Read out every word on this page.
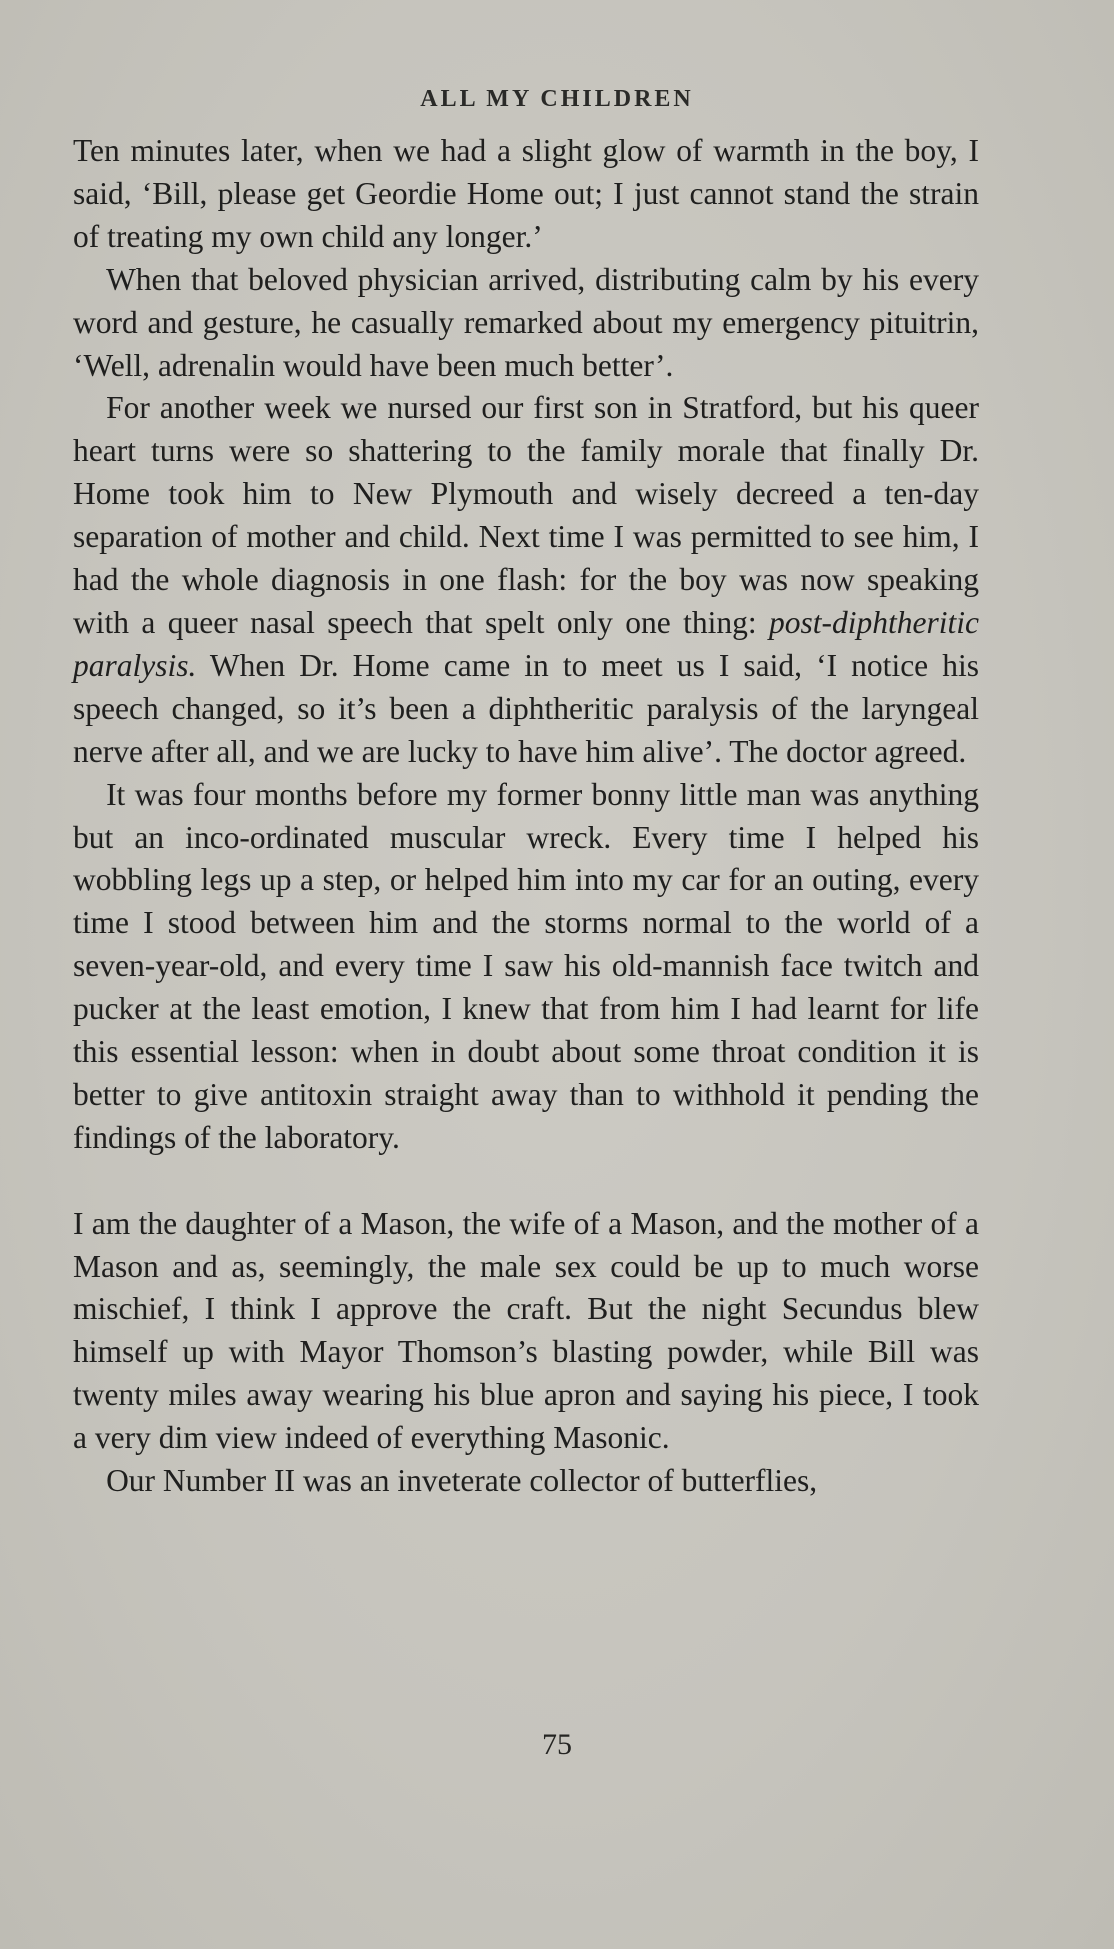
ALL MY CHILDREN

Ten minutes later, when we had a slight glow of warmth in the boy, I said, ‘Bill, please get Geordie Home out; I just cannot stand the strain of treating my own child any longer.’

When that beloved physician arrived, distributing calm by his every word and gesture, he casually remarked about my emergency pituitrin, ‘Well, adrenalin would have been much better’.

For another week we nursed our first son in Stratford, but his queer heart turns were so shattering to the family morale that finally Dr. Home took him to New Plymouth and wisely decreed a ten-day separation of mother and child. Next time I was permitted to see him, I had the whole diagnosis in one flash: for the boy was now speaking with a queer nasal speech that spelt only one thing: post-diphtheritic paralysis. When Dr. Home came in to meet us I said, ‘I notice his speech changed, so it’s been a diphtheritic paralysis of the laryngeal nerve after all, and we are lucky to have him alive’. The doctor agreed.

It was four months before my former bonny little man was anything but an inco-ordinated muscular wreck. Every time I helped his wobbling legs up a step, or helped him into my car for an outing, every time I stood between him and the storms normal to the world of a seven-year-old, and every time I saw his old-mannish face twitch and pucker at the least emotion, I knew that from him I had learnt for life this essential lesson: when in doubt about some throat condition it is better to give antitoxin straight away than to withhold it pending the findings of the laboratory.

I am the daughter of a Mason, the wife of a Mason, and the mother of a Mason and as, seemingly, the male sex could be up to much worse mischief, I think I approve the craft. But the night Secundus blew himself up with Mayor Thomson’s blasting powder, while Bill was twenty miles away wearing his blue apron and saying his piece, I took a very dim view indeed of everything Masonic.

Our Number II was an inveterate collector of butterflies,

75
